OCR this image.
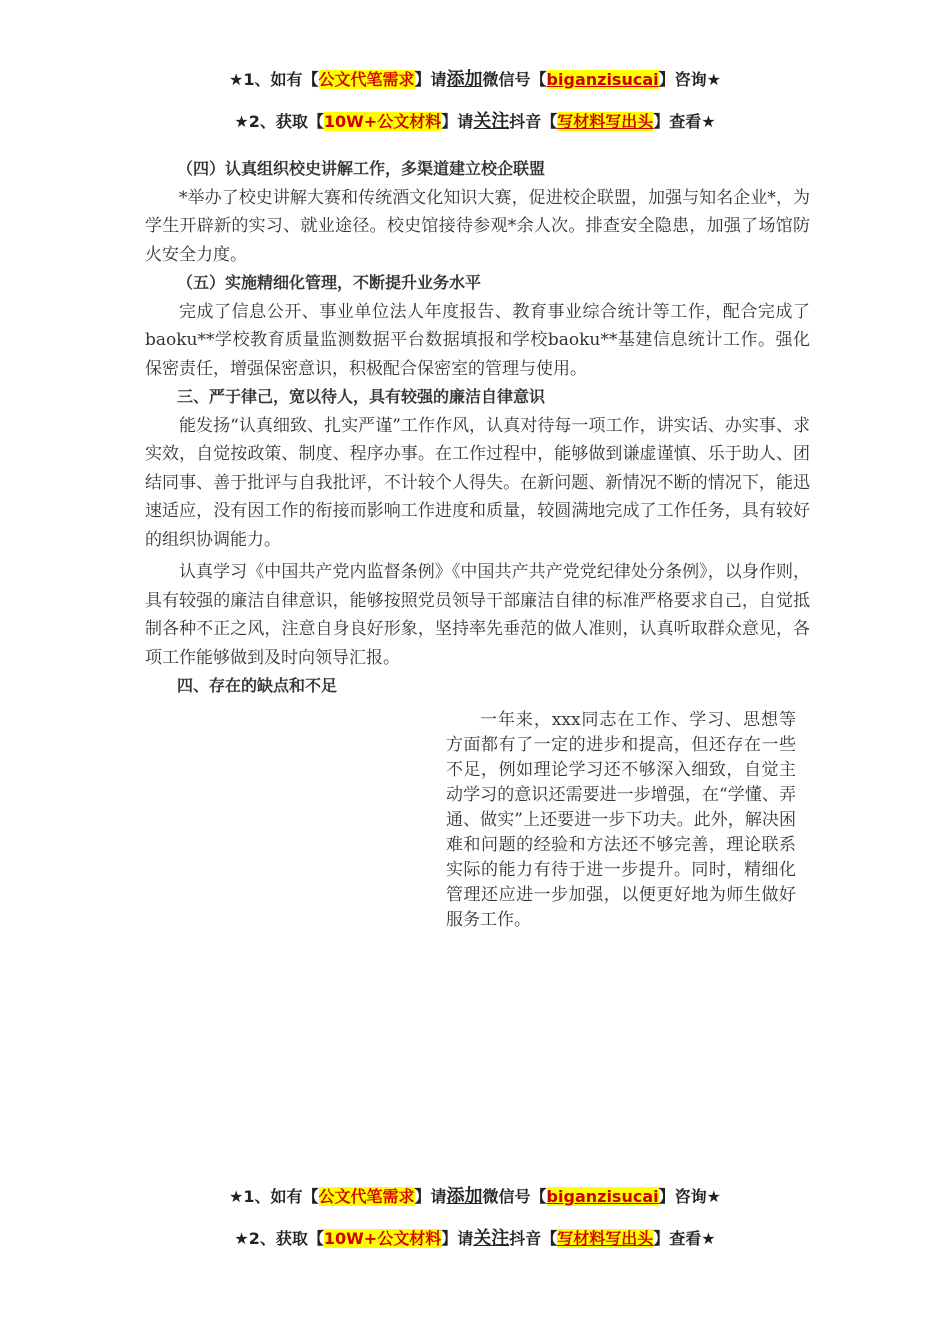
★1、如有【公文代笔需求】请添加微信号【biganzisucai】咨询★
★2、获取【10W+公文材料】请关注抖音【写材料写出头】查看★

（四）认真组织校史讲解工作，多渠道建立校企联盟

*举办了校史讲解大赛和传统酒文化知识大赛，促进校企联盟，加强与知名企业*，为学生开辟新的实习、就业途径。校史馆接待参观*余人次。排查安全隐患，加强了场馆防火安全力度。

（五）实施精细化管理，不断提升业务水平

完成了信息公开、事业单位法人年度报告、教育事业综合统计等工作，配合完成了baoku**学校教育质量监测数据平台数据填报和学校baoku**基建信息统计工作。强化保密责任，增强保密意识，积极配合保密室的管理与使用。

三、严于律己，宽以待人，具有较强的廉洁自律意识

能发扬“认真细致、扎实严谨”工作作风，认真对待每一项工作，讲实话、办实事、求实效，自觉按政策、制度、程序办事。在工作过程中，能够做到谦虚谨慎、乐于助人、团结同事、善于批评与自我批评，不计较个人得失。在新问题、新情况不断的情况下，能迅速适应，没有因工作的衔接而影响工作进度和质量，较圆满地完成了工作任务，具有较好的组织协调能力。

认真学习《中国共产党内监督条例》《中国共产共产党党纪律处分条例》，以身作则，具有较强的廉洁自律意识，能够按照党员领导干部廉洁自律的标准严格要求自己，自觉抵制各种不正之风，注意自身良好形象，坚持率先垂范的做人准则，认真听取群众意见，各项工作能够做到及时向领导汇报。

四、存在的缺点和不足

一年来，xxx同志在工作、学习、思想等方面都有了一定的进步和提高，但还存在一些不足，例如理论学习还不够深入细致，自觉主动学习的意识还需要进一步增强，在“学懂、弄通、做实”上还要进一步下功夫。此外，解决困难和问题的经验和方法还不够完善，理论联系实际的能力有待于进一步提升。同时，精细化管理还应进一步加强，以便更好地为师生做好服务工作。

★1、如有【公文代笔需求】请添加微信号【biganzisucai】咨询★
★2、获取【10W+公文材料】请关注抖音【写材料写出头】查看★
